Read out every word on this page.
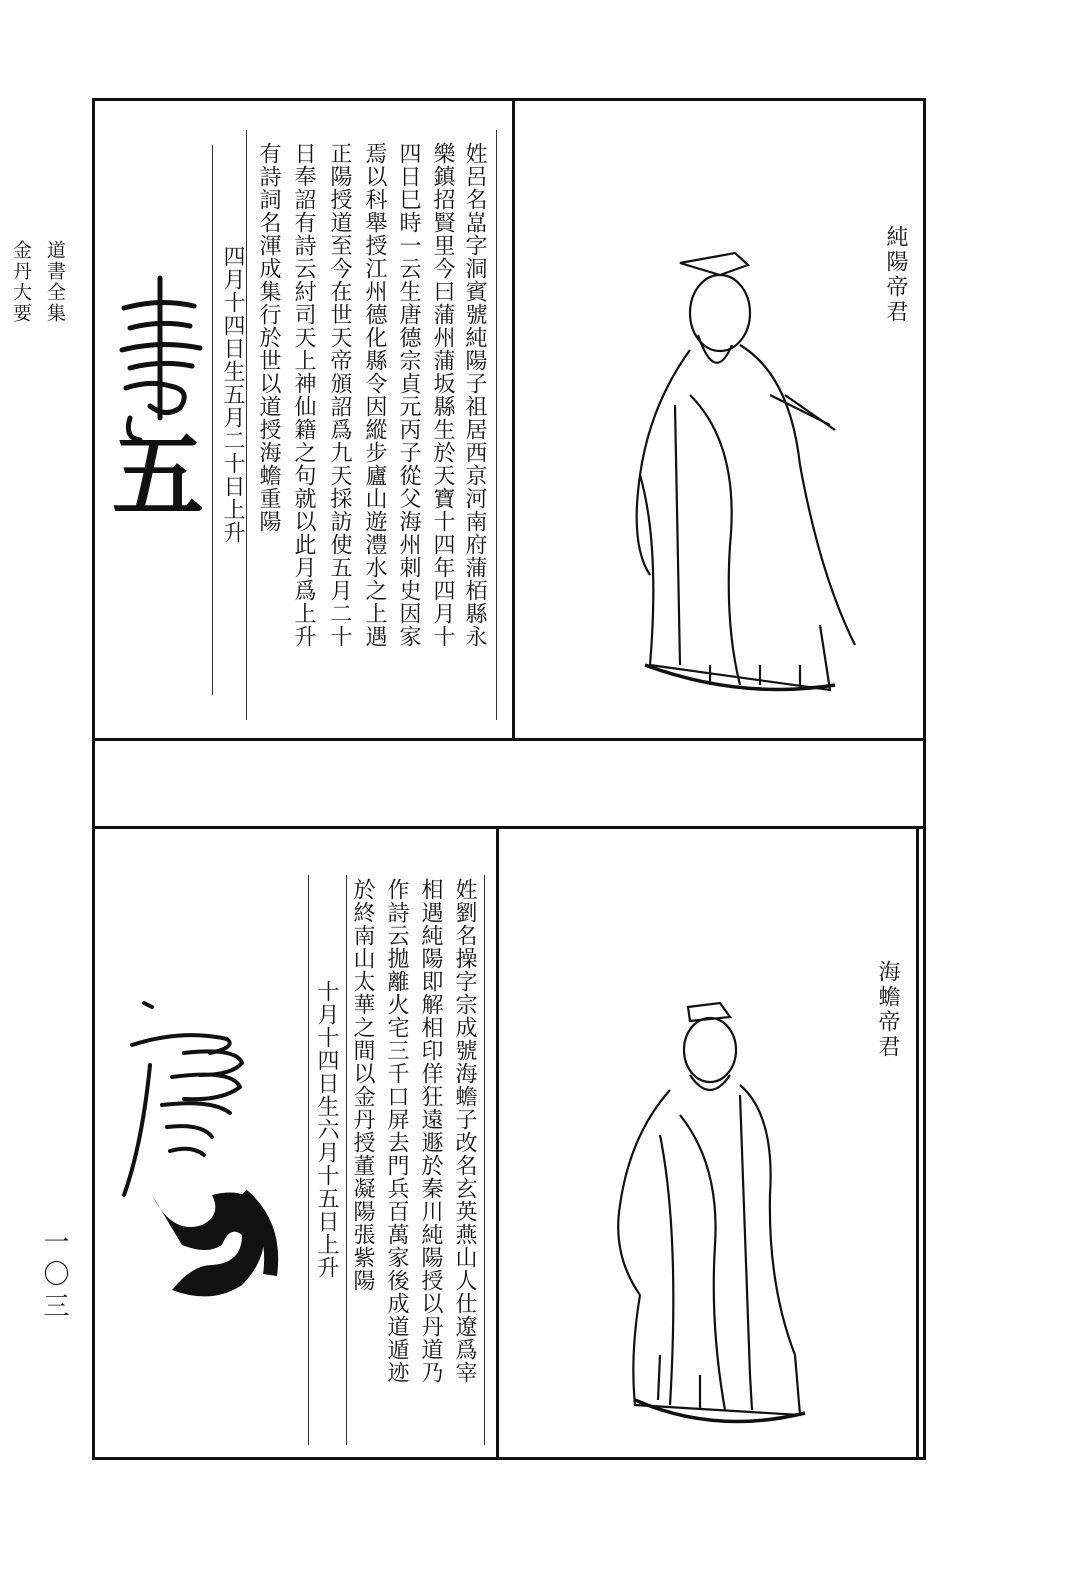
道書全集
金丹大要
一〇三
純陽帝君
姓呂名嵓字洞賓號純陽子祖居西京河南府蒲栢縣永
樂鎮招賢里今曰蒲州蒲坂縣生於天寶十四年四月十
四日巳時一云生唐德宗貞元丙子從父海州刺史因家
焉以科舉授江州德化縣令因縱步廬山遊澧水之上遇
正陽授道至今在世天帝頒詔爲九天採訪使五月二十
日奉詔有詩云紂司天上神仙籍之句就以此月爲上升
有詩詞名渾成集行於世以道授海蟾重陽
四月十四日生五月二十日上升
五
海蟾帝君
姓劉名操字宗成號海蟾子改名玄英燕山人仕遼爲宰
相遇純陽即解相印佯狂遠遯於秦川純陽授以丹道乃
作詩云拋離火宅三千口屏去門兵百萬家後成道遁迹
於終南山太華之間以金丹授董凝陽張紫陽
十月十四日生六月十五日上升
